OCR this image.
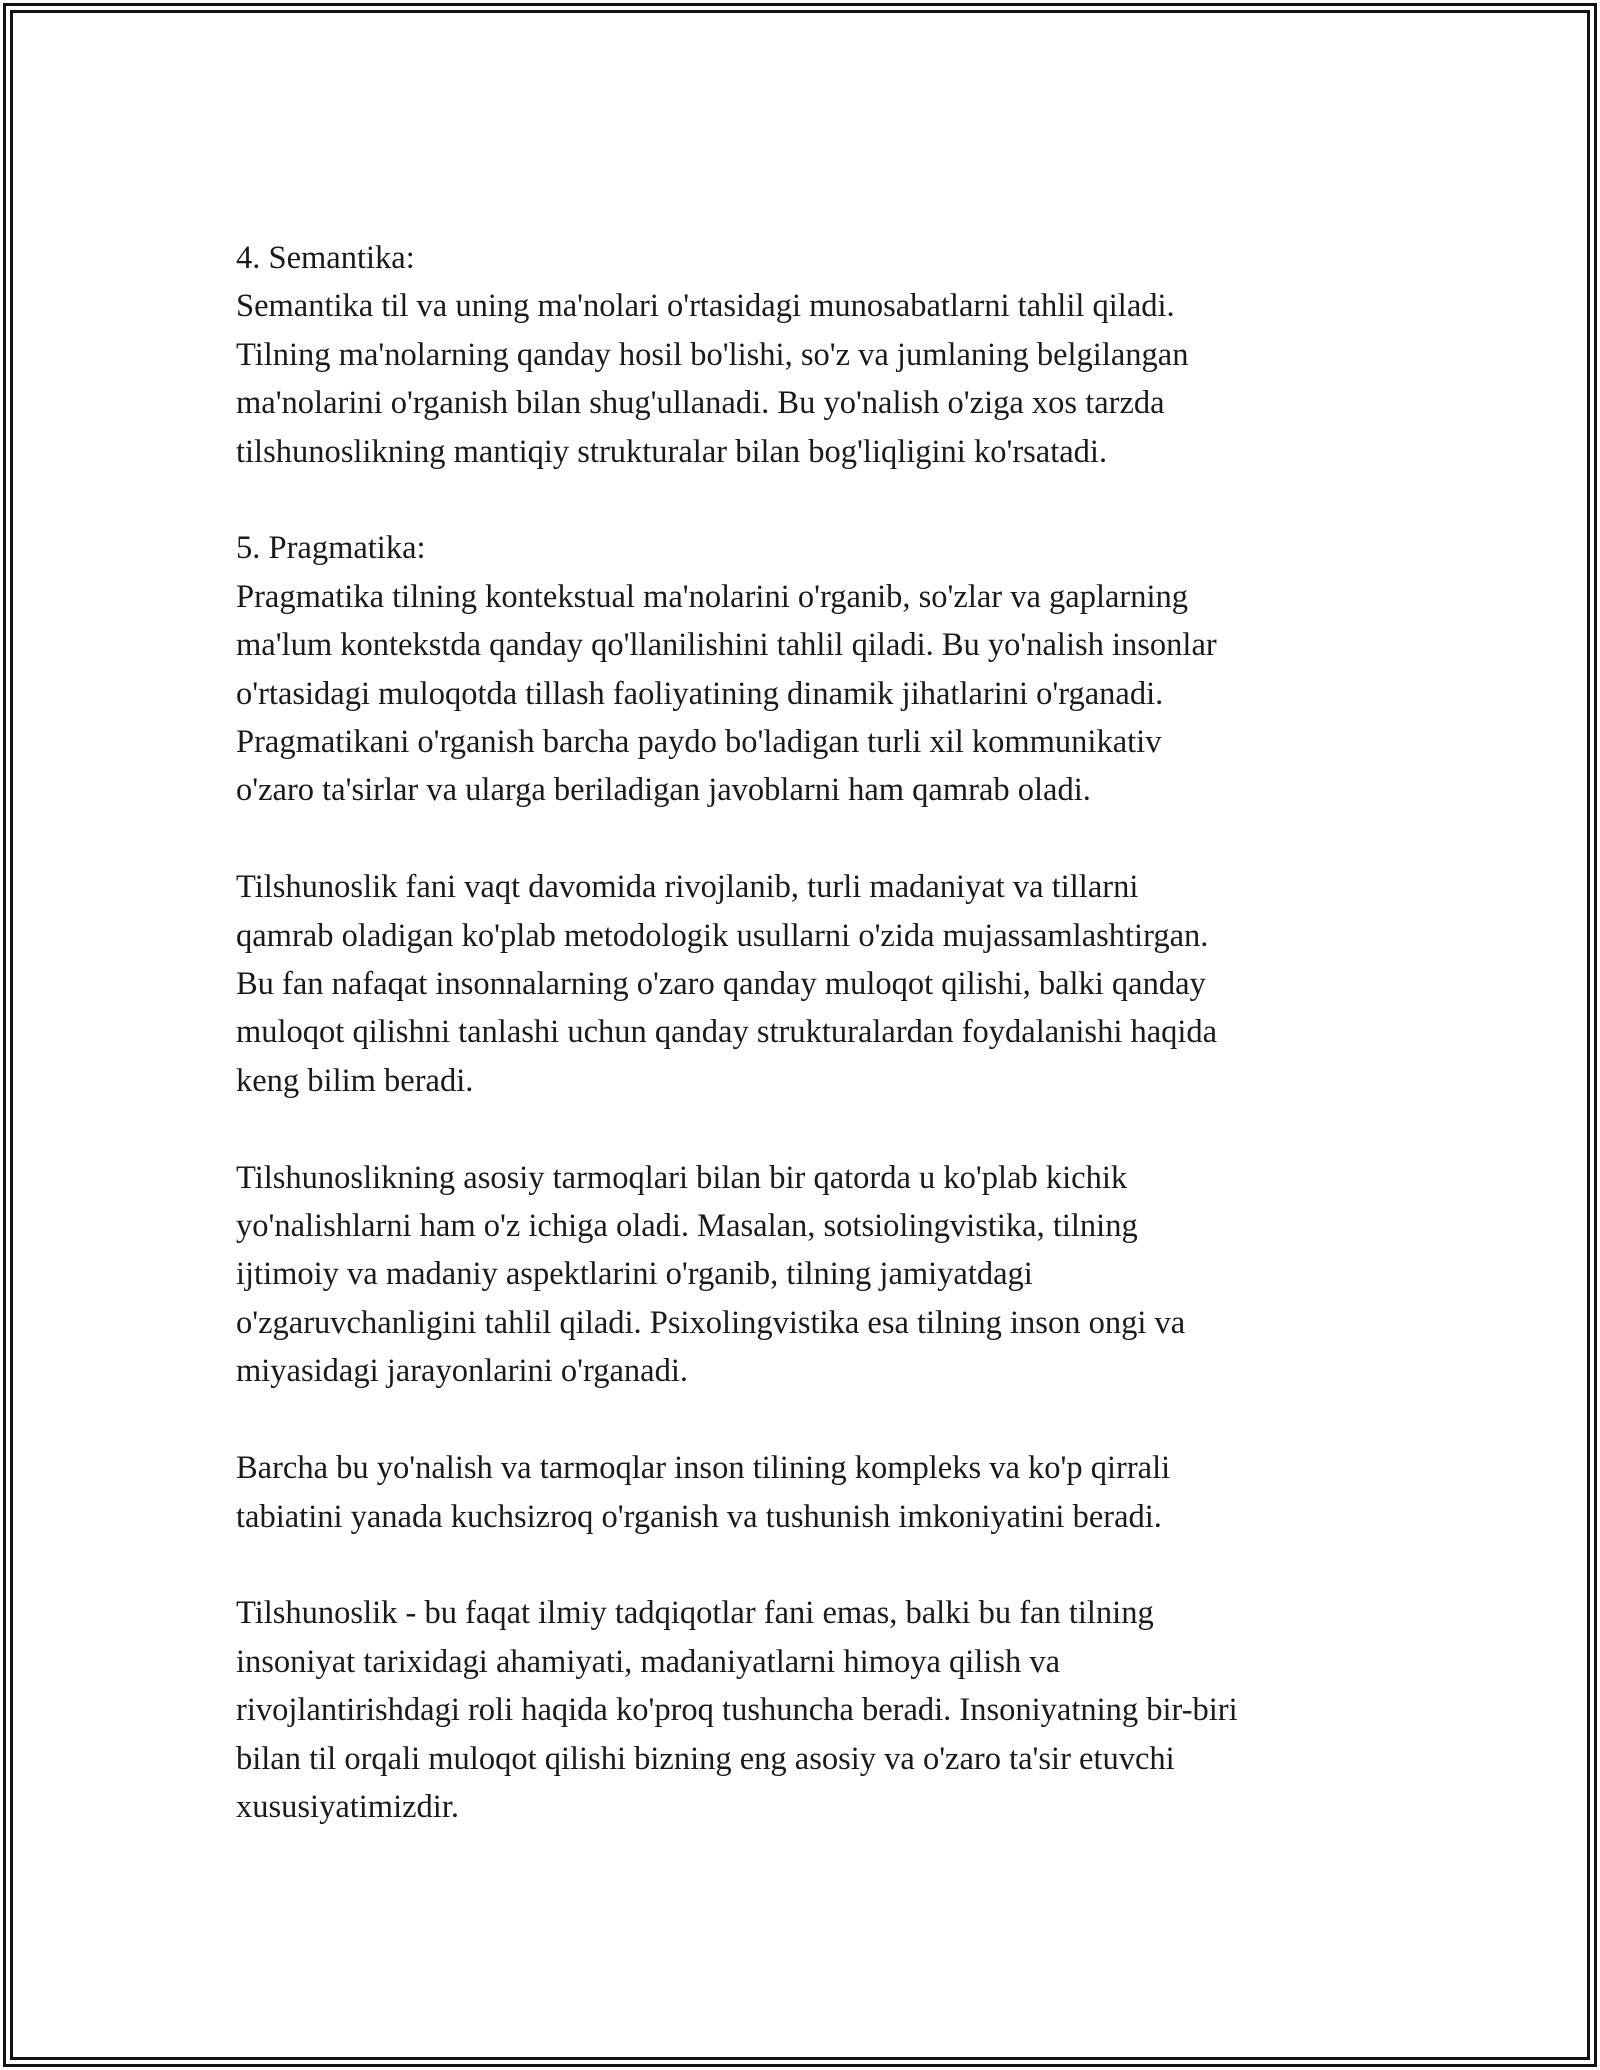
4. Semantika:
Semantika til va uning ma'nolari o'rtasidagi munosabatlarni tahlil qiladi.
Tilning ma'nolarning qanday hosil bo'lishi, so'z va jumlaning belgilangan
ma'nolarini o'rganish bilan shug'ullanadi. Bu yo'nalish o'ziga xos tarzda
tilshunoslikning mantiqiy strukturalar bilan bog'liqligini ko'rsatadi.

5. Pragmatika:
Pragmatika tilning kontekstual ma'nolarini o'rganib, so'zlar va gaplarning
ma'lum kontekstda qanday qo'llanilishini tahlil qiladi. Bu yo'nalish insonlar
o'rtasidagi muloqotda tillash faoliyatining dinamik jihatlarini o'rganadi.
Pragmatikani o'rganish barcha paydo bo'ladigan turli xil kommunikativ
o'zaro ta'sirlar va ularga beriladigan javoblarni ham qamrab oladi.

Tilshunoslik fani vaqt davomida rivojlanib, turli madaniyat va tillarni
qamrab oladigan ko'plab metodologik usullarni o'zida mujassamlashtirgan.
Bu fan nafaqat insonnalarning o'zaro qanday muloqot qilishi, balki qanday
muloqot qilishni tanlashi uchun qanday strukturalardan foydalanishi haqida
keng bilim beradi.

Tilshunoslikning asosiy tarmoqlari bilan bir qatorda u ko'plab kichik
yo'nalishlarni ham o'z ichiga oladi. Masalan, sotsiolingvistika, tilning
ijtimoiy va madaniy aspektlarini o'rganib, tilning jamiyatdagi
o'zgaruvchanligini tahlil qiladi. Psixolingvistika esa tilning inson ongi va
miyasidagi jarayonlarini o'rganadi.

Barcha bu yo'nalish va tarmoqlar inson tilining kompleks va ko'p qirrali
tabiatini yanada kuchsizroq o'rganish va tushunish imkoniyatini beradi.

Tilshunoslik - bu faqat ilmiy tadqiqotlar fani emas, balki bu fan tilning
insoniyat tarixidagi ahamiyati, madaniyatlarni himoya qilish va
rivojlantirishdagi roli haqida ko'proq tushuncha beradi. Insoniyatning bir-biri
bilan til orqali muloqot qilishi bizning eng asosiy va o'zaro ta'sir etuvchi
xususiyatimizdir.
